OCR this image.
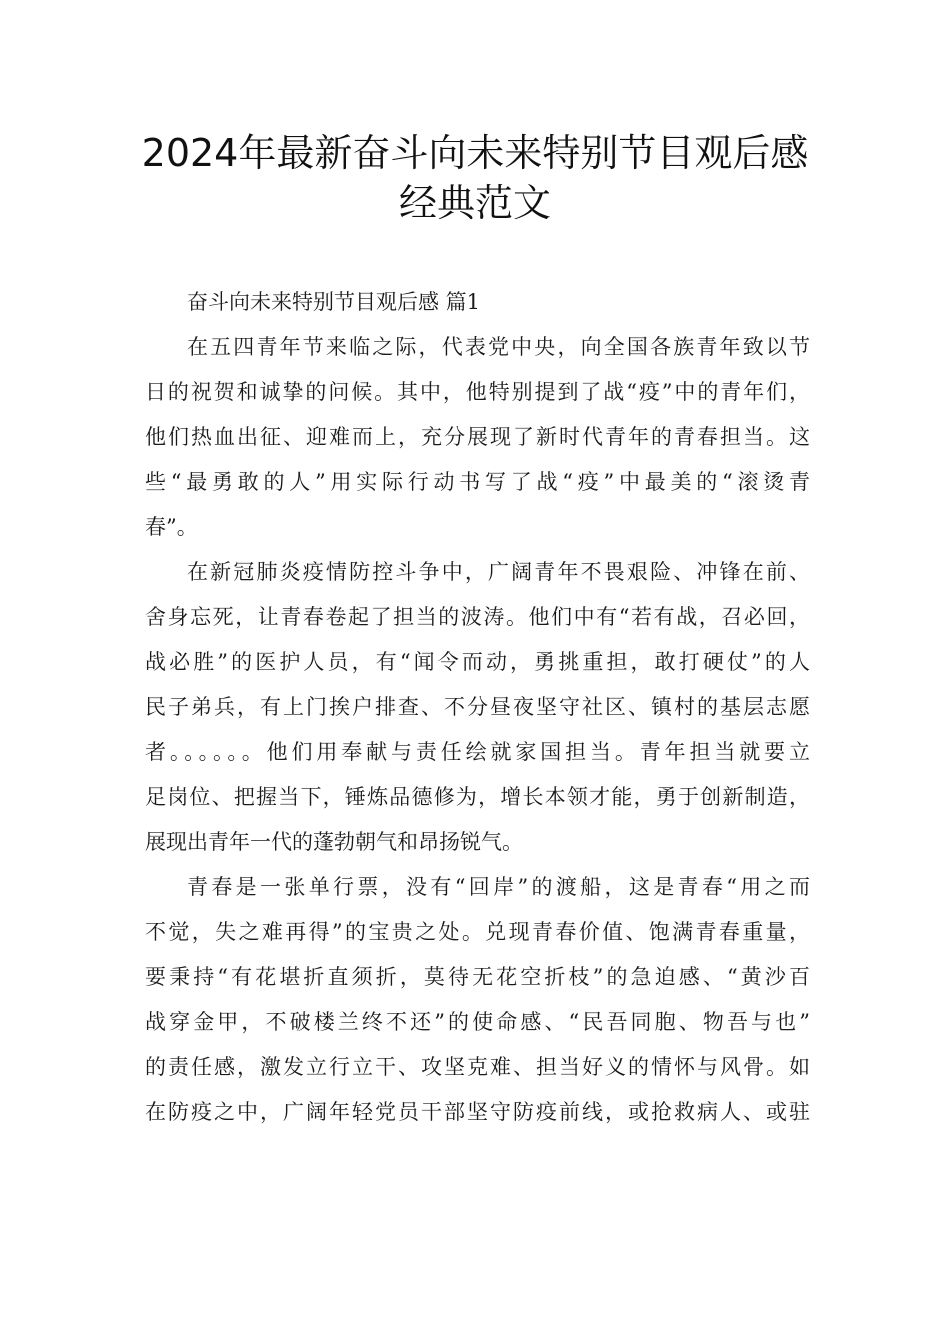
2024年最新奋斗向未来特别节目观后感
经典范文

奋斗向未来特别节目观后感 篇1

在五四青年节来临之际，代表党中央，向全国各族青年致以节
日的祝贺和诚挚的问候。其中，他特别提到了战“疫”中的青年们，
他们热血出征、迎难而上，充分展现了新时代青年的青春担当。这
些“最勇敢的人”用实际行动书写了战“疫”中最美的“滚烫青
春”。

在新冠肺炎疫情防控斗争中，广阔青年不畏艰险、冲锋在前、
舍身忘死，让青春卷起了担当的波涛。他们中有“若有战，召必回，
战必胜”的医护人员，有“闻令而动，勇挑重担，敢打硬仗”的人
民子弟兵，有上门挨户排查、不分昼夜坚守社区、镇村的基层志愿
者。。。。。。他们用奉献与责任绘就家国担当。青年担当就要立
足岗位、把握当下，锤炼品德修为，增长本领才能，勇于创新制造，
展现出青年一代的蓬勃朝气和昂扬锐气。

青春是一张单行票，没有“回岸”的渡船，这是青春“用之而
不觉，失之难再得”的宝贵之处。兑现青春价值、饱满青春重量，
要秉持“有花堪折直须折，莫待无花空折枝”的急迫感、“黄沙百
战穿金甲，不破楼兰终不还”的使命感、“民吾同胞、物吾与也”
的责任感，激发立行立干、攻坚克难、担当好义的情怀与风骨。如
在防疫之中，广阔年轻党员干部坚守防疫前线，或抢救病人、或驻
